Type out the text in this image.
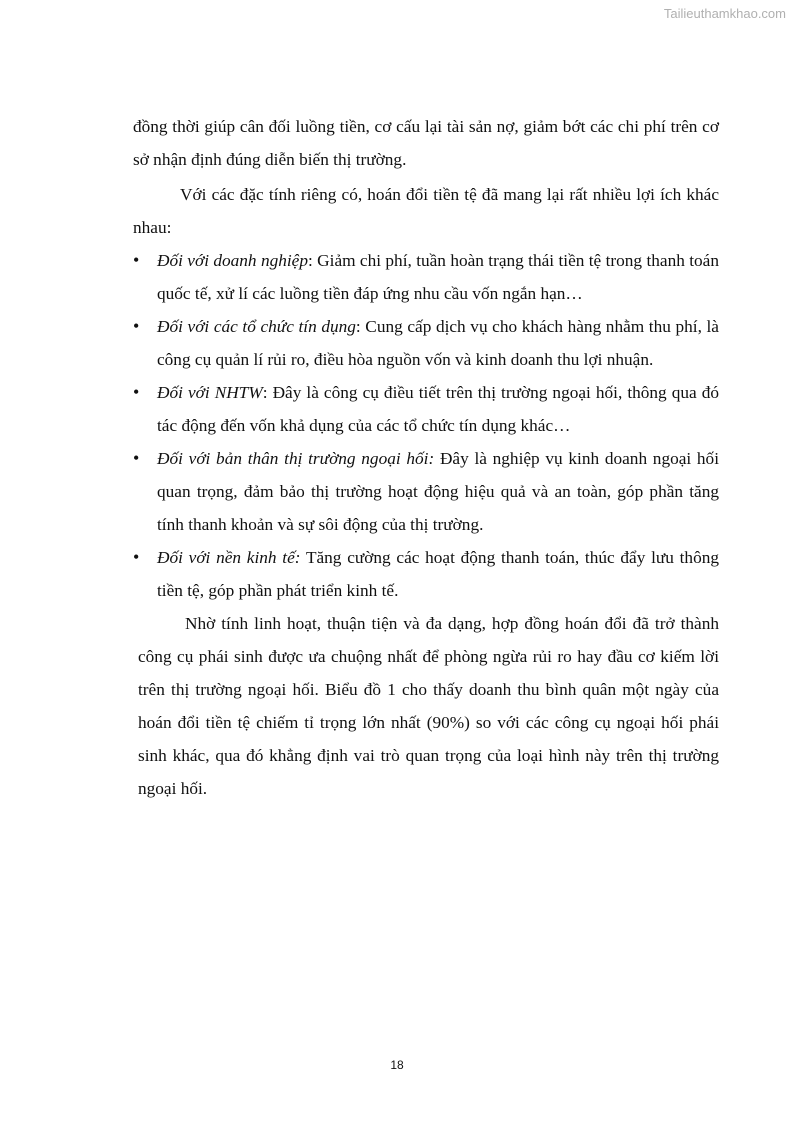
Tailieuthamkhao.com

đồng thời giúp cân đối luồng tiền, cơ cấu lại tài sản nợ, giảm bớt các chi phí trên cơ sở nhận định đúng diễn biến thị trường.

Với các đặc tính riêng có, hoán đổi tiền tệ đã mang lại rất nhiều lợi ích khác nhau:

• Đối với doanh nghiệp: Giảm chi phí, tuần hoàn trạng thái tiền tệ trong thanh toán quốc tế, xử lí các luồng tiền đáp ứng nhu cầu vốn ngắn hạn…
• Đối với các tổ chức tín dụng: Cung cấp dịch vụ cho khách hàng nhằm thu phí, là công cụ quản lí rủi ro, điều hòa nguồn vốn và kinh doanh thu lợi nhuận.
• Đối với NHTW: Đây là công cụ điều tiết trên thị trường ngoại hối, thông qua đó tác động đến vốn khả dụng của các tổ chức tín dụng khác…
• Đối với bản thân thị trường ngoại hối: Đây là nghiệp vụ kinh doanh ngoại hối quan trọng, đảm bảo thị trường hoạt động hiệu quả và an toàn, góp phần tăng tính thanh khoản và sự sôi động của thị trường.
• Đối với nền kinh tế: Tăng cường các hoạt động thanh toán, thúc đẩy lưu thông tiền tệ, góp phần phát triển kinh tế.

Nhờ tính linh hoạt, thuận tiện và đa dạng, hợp đồng hoán đổi đã trở thành công cụ phái sinh được ưa chuộng nhất để phòng ngừa rủi ro hay đầu cơ kiếm lời trên thị trường ngoại hối. Biểu đồ 1 cho thấy doanh thu bình quân một ngày của hoán đổi tiền tệ chiếm tỉ trọng lớn nhất (90%) so với các công cụ ngoại hối phái sinh khác, qua đó khẳng định vai trò quan trọng của loại hình này trên thị trường ngoại hối.

18
